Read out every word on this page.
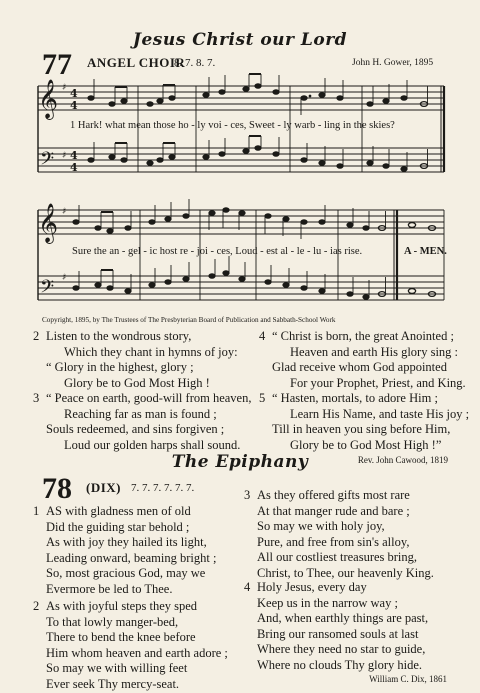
Jesus Christ our Lord
77 ANGEL CHOIR
8. 7. 8. 7.	John H. Gower, 1895
𝄞
𝄞
𝄢
𝄢
♯
♯
♯
♯
4
4
4
4
1 Hark! what mean those ho - ly voi - ces, Sweet - ly warb - ling in the skies?
Sure the an - gel - ic host re - joi - ces, Loud - est al - le - lu - ias rise.	A - MEN.
Copyright, 1895, by The Trustees of The Presbyterian Board of Publication and Sabbath-School Work
2 Listen to the wondrous story,
Which they chant in hymns of joy:
“ Glory in the highest, glory ;
Glory be to God Most High !
3 “ Peace on earth, good-will from heaven,
Reaching far as man is found ;
Souls redeemed, and sins forgiven ;
Loud our golden harps shall sound.
4 “ Christ is born, the great Anointed ;
Heaven and earth His glory sing :
Glad receive whom God appointed
For your Prophet, Priest, and King.
5 “ Hasten, mortals, to adore Him ;
Learn His Name, and taste His joy ;
Till in heaven you sing before Him,
Glory be to God Most High !”
Rev. John Cawood, 1819
The Epiphany
78 (DIX) 7. 7. 7. 7. 7. 7.
1 AS with gladness men of old
Did the guiding star behold ;
As with joy they hailed its light,
Leading onward, beaming bright ;
So, most gracious God, may we
Evermore be led to Thee.
2 As with joyful steps they sped
To that lowly manger-bed,
There to bend the knee before
Him whom heaven and earth adore ;
So may we with willing feet
Ever seek Thy mercy-seat.
3 As they offered gifts most rare
At that manger rude and bare ;
So may we with holy joy,
Pure, and free from sin's alloy,
All our costliest treasures bring,
Christ, to Thee, our heavenly King.
4 Holy Jesus, every day
Keep us in the narrow way ;
And, when earthly things are past,
Bring our ransomed souls at last
Where they need no star to guide,
Where no clouds Thy glory hide.
William C. Dix, 1861
